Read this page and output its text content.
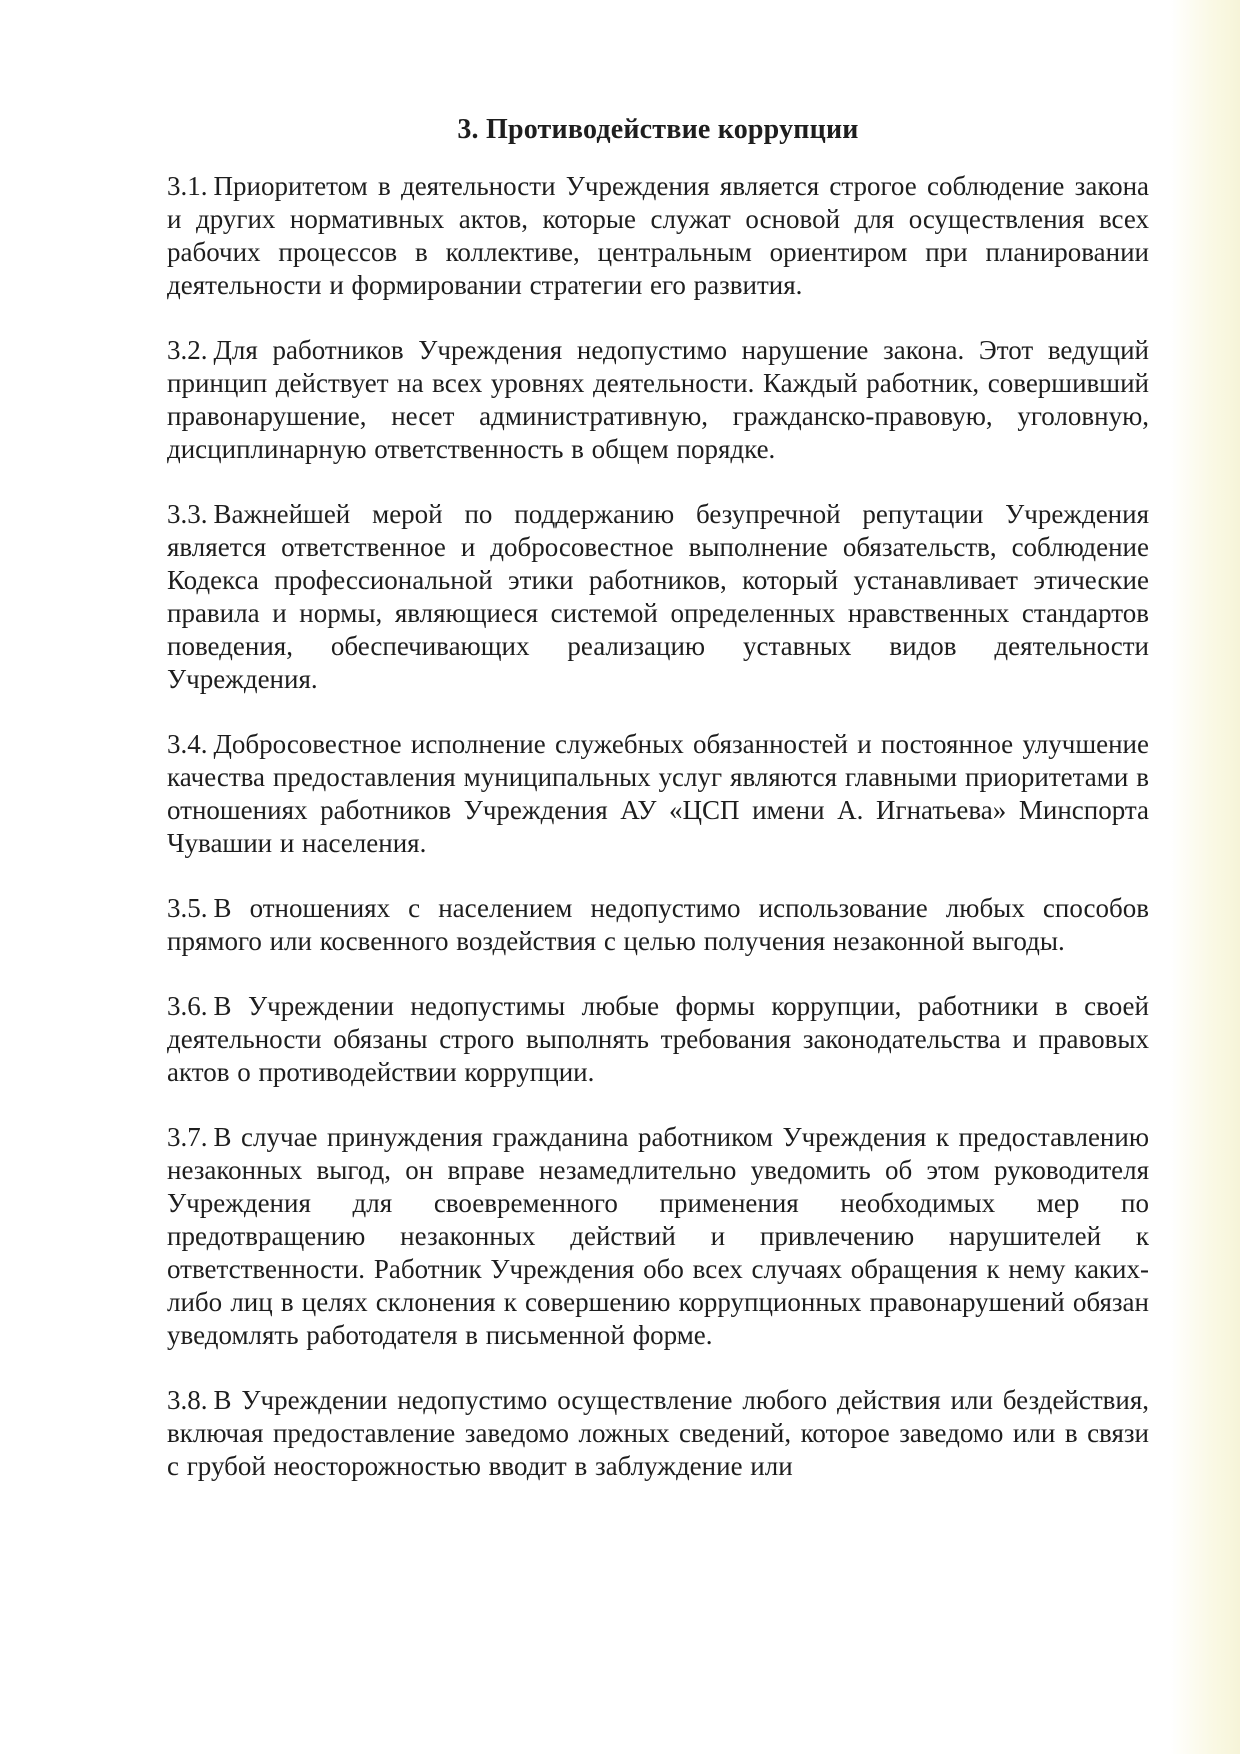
3. Противодействие коррупции

3.1. Приоритетом в деятельности Учреждения является строгое соблюдение закона и других нормативных актов, которые служат основой для осуществления всех рабочих процессов в коллективе, центральным ориентиром при планировании деятельности и формировании стратегии его развития.

3.2. Для работников Учреждения недопустимо нарушение закона. Этот ведущий принцип действует на всех уровнях деятельности. Каждый работник, совершивший правонарушение, несет административную, гражданско-правовую, уголовную, дисциплинарную ответственность в общем порядке.

3.3. Важнейшей мерой по поддержанию безупречной репутации Учреждения является ответственное и добросовестное выполнение обязательств, соблюдение Кодекса профессиональной этики работников, который устанавливает этические правила и нормы, являющиеся системой определенных нравственных стандартов поведения, обеспечивающих реализацию уставных видов деятельности Учреждения.

3.4. Добросовестное исполнение служебных обязанностей и постоянное улучшение качества предоставления муниципальных услуг являются главными приоритетами в отношениях работников Учреждения АУ «ЦСП имени А. Игнатьева» Минспорта Чувашии и населения.

3.5. В отношениях с населением недопустимо использование любых способов прямого или косвенного воздействия с целью получения незаконной выгоды.

3.6. В Учреждении недопустимы любые формы коррупции, работники в своей деятельности обязаны строго выполнять требования законодательства и правовых актов о противодействии коррупции.

3.7. В случае принуждения гражданина работником Учреждения к предоставлению незаконных выгод, он вправе незамедлительно уведомить об этом руководителя Учреждения для своевременного применения необходимых мер по предотвращению незаконных действий и привлечению нарушителей к ответственности. Работник Учреждения обо всех случаях обращения к нему каких-либо лиц в целях склонения к совершению коррупционных правонарушений обязан уведомлять работодателя в письменной форме.

3.8. В Учреждении недопустимо осуществление любого действия или бездействия, включая предоставление заведомо ложных сведений, которое заведомо или в связи с грубой неосторожностью вводит в заблуждение или
